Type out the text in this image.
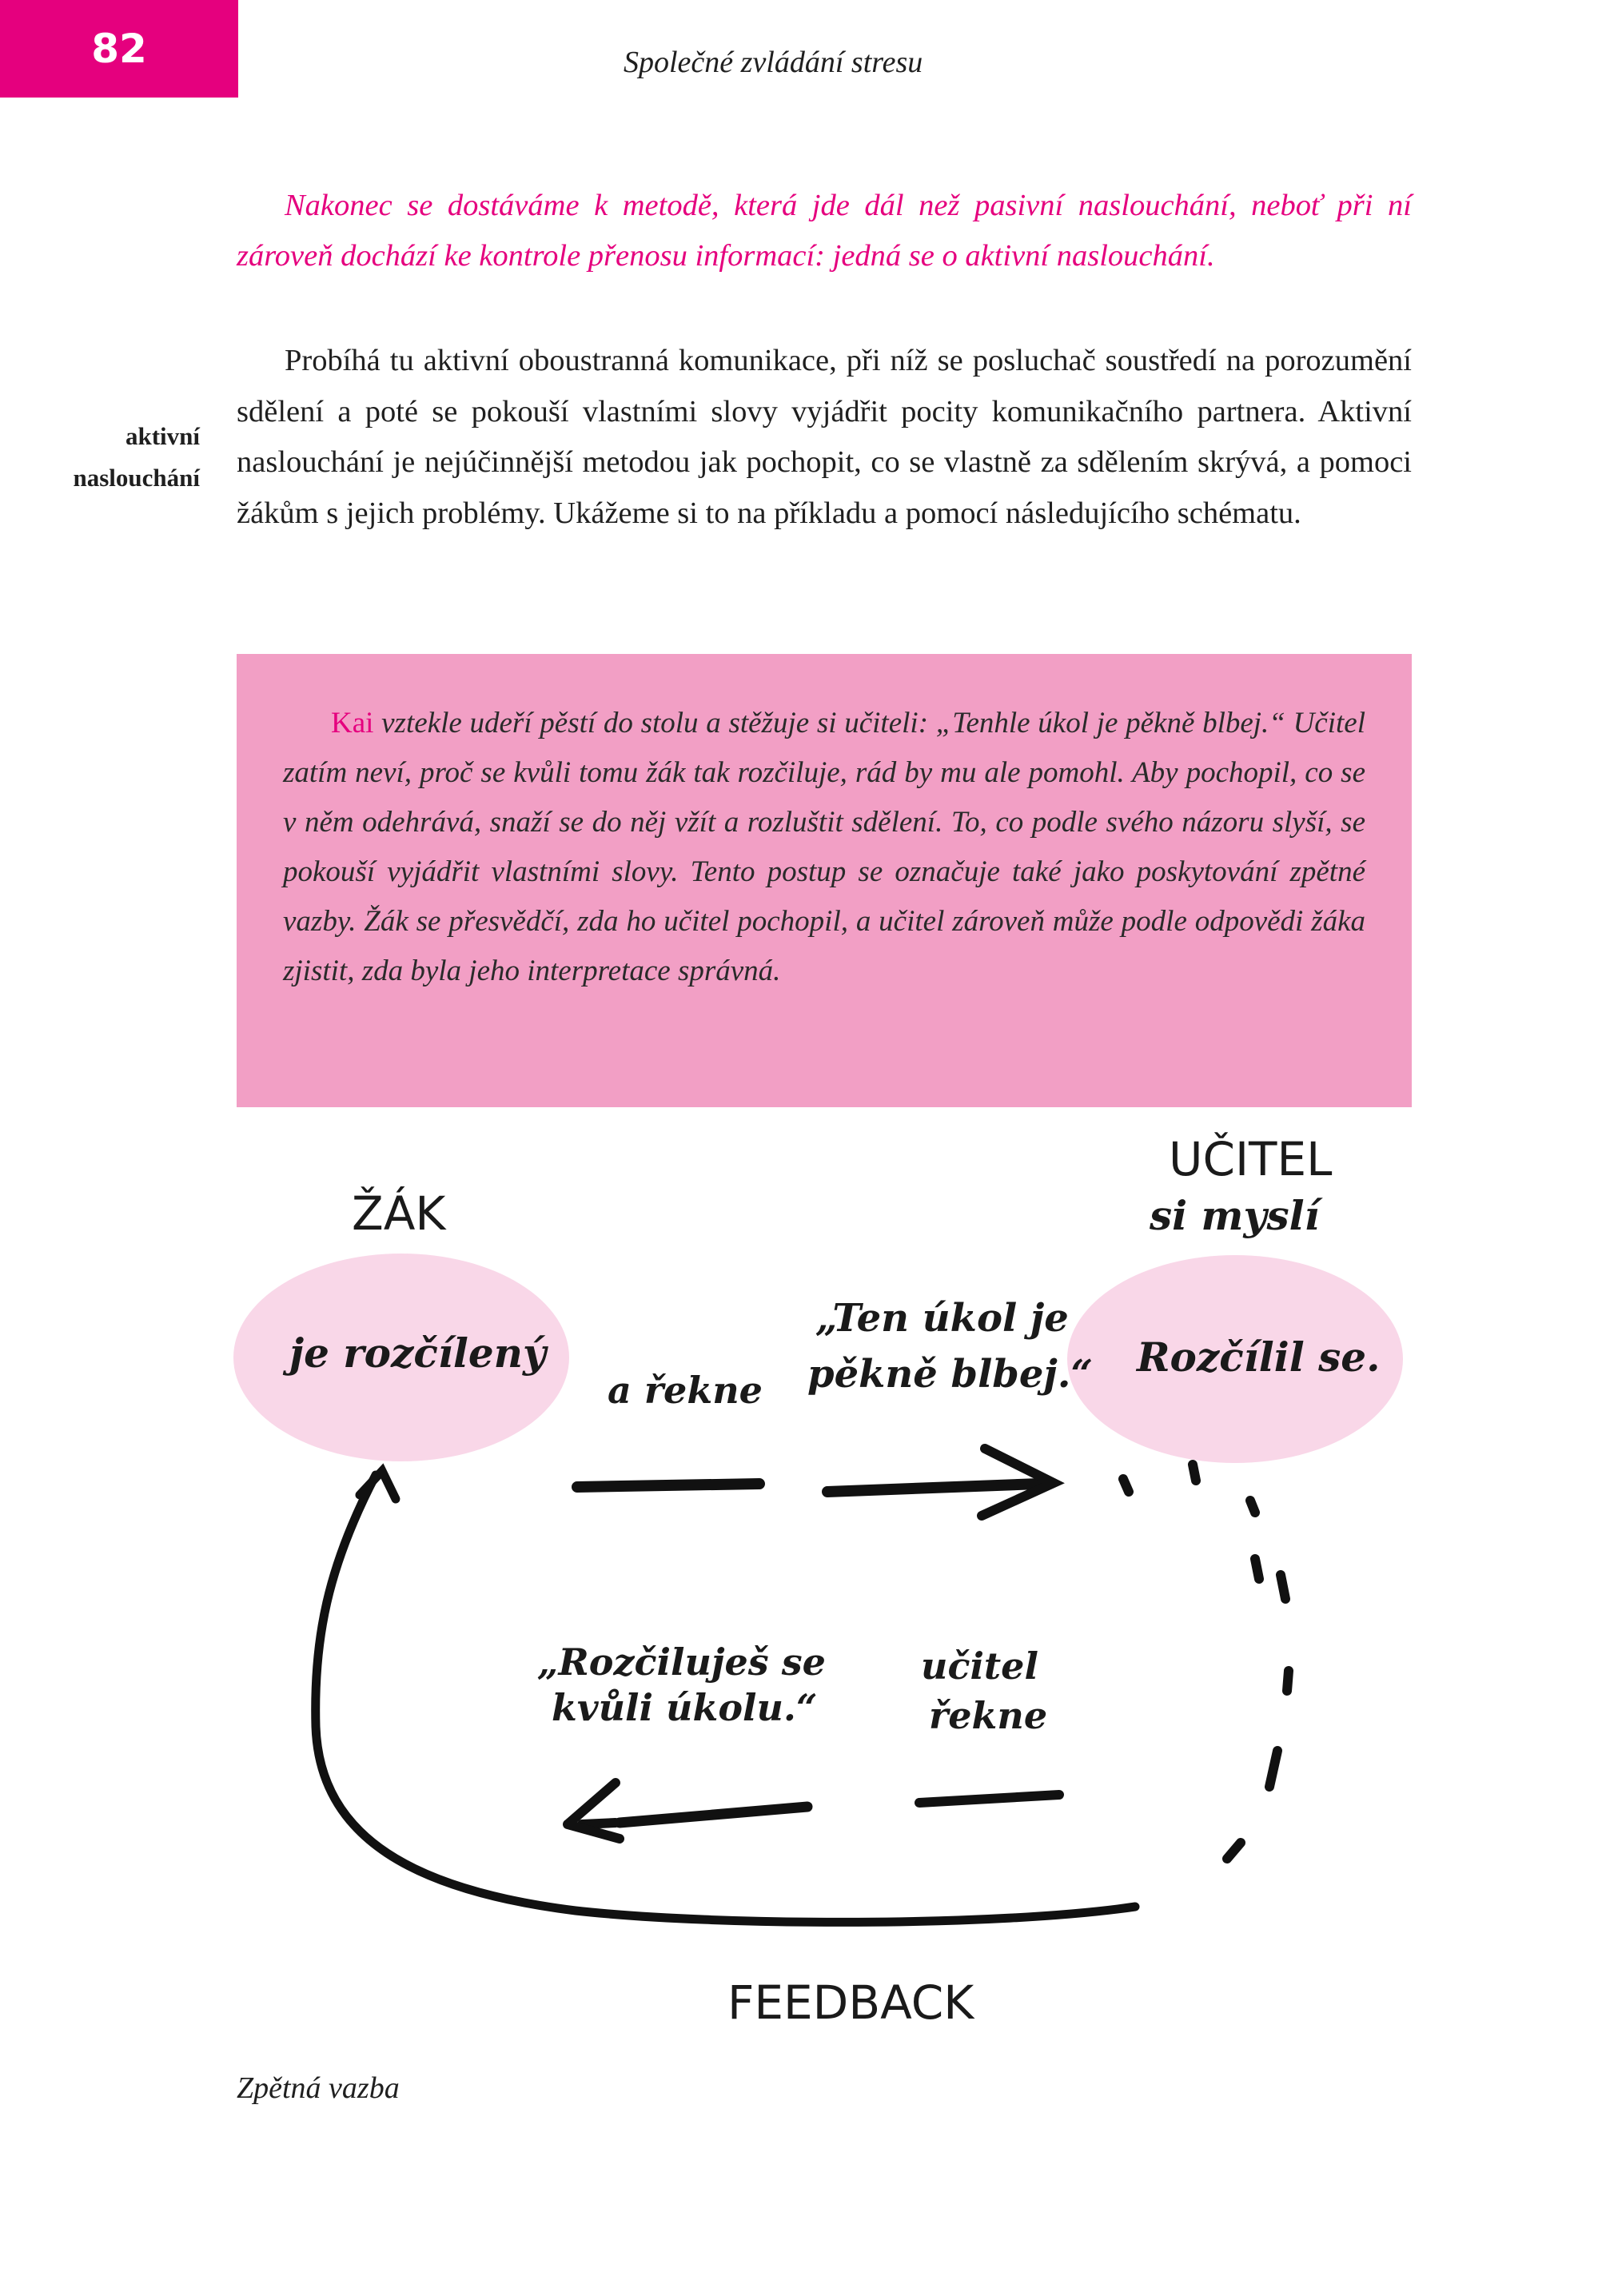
82	Společné zvládání stresu

Nakonec se dostáváme k metodě, která jde dál než pasivní naslouchání, neboť při ní zároveň dochází ke kontrole přenosu informací: jedná se o aktivní naslouchání.

aktivní
naslouchání

Probíhá tu aktivní oboustranná komunikace, při níž se posluchač soustředí na porozumění sdělení a poté se pokouší vlastními slovy vyjádřit pocity komunikačního partnera. Aktivní naslouchání je nejúčinnější metodou jak pochopit, co se vlastně za sdělením skrývá, a pomoci žákům s jejich problémy. Ukážeme si to na příkladu a pomocí následujícího schématu.

Kai vztekle udeří pěstí do stolu a stěžuje si učiteli: „Tenhle úkol je pěkně blbej.“ Učitel zatím neví, proč se kvůli tomu žák tak rozčiluje, rád by mu ale pomohl. Aby pochopil, co se v něm odehrává, snaží se do něj vžít a rozluštit sdělení. To, co podle svého názoru slyší, se pokouší vyjádřit vlastními slovy. Tento postup se označuje také jako poskytování zpětné vazby. Žák se přesvědčí, zda ho učitel pochopil, a učitel zároveň může podle odpovědi žáka zjistit, zda byla jeho interpretace správná.

ŽÁK
UČITEL
si myslí
je rozčílený	Rozčílil se.
a řekne
„Ten úkol je
pěkně blbej.“
„Rozčiluješ se
kvůli úkolu.“
učitel
řekne
FEEDBACK
Zpětná vazba
